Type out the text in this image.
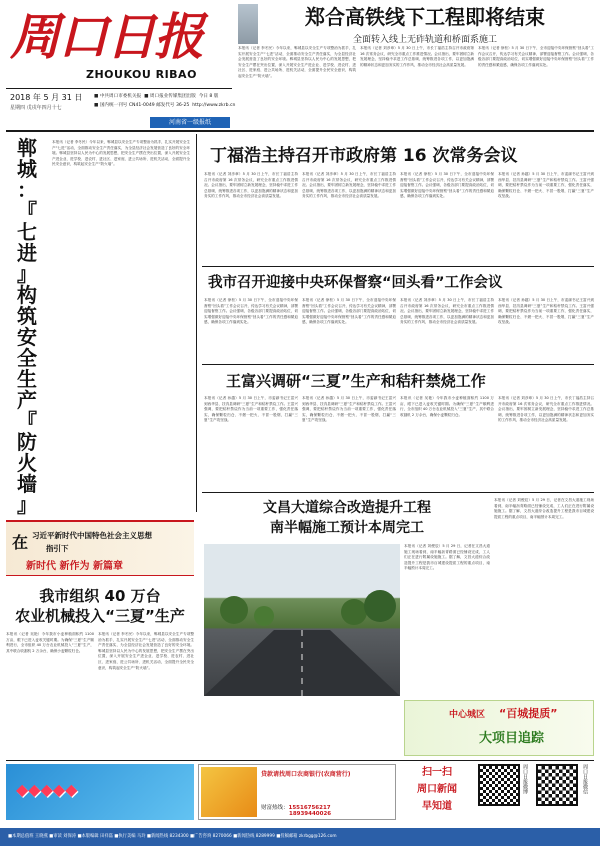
周口日报
ZHOUKOU RIBAO
2018 年 5 月 31 日
星期四 戊戌年四月十七
■ 中共周口市委机关报  ■ 周口报业传媒集团出版 今日 8 版
■ 国内统一刊号 CN41-0049 邮发代号 36-25 http://www.zkrb.cn
河南省一级报纸
郑合高铁线下工程即将结束
全面转入线上无砟轨道和桥面系施工
本报讯（记者 李冬民）今年以来，郸城县以安全生产专项整治为抓手，扎实开展安全生产“七进”活动，全面推动安全生产责任落实，为全县经济社会发展营造了良好的安全环境。郸城县坚持以人民为中心的发展思想，把安全生产摆在突出位置，深入开展安全生产进企业、进学校、进农村、进社区、进家庭、进公共场所、进机关活动，全面提升全民安全意识，构筑起安全生产“防火墙”。
本报讯（记者 刘彦章）5 月 30 日上午，市长丁福浩主持召开市政府第 16 次常务会议，研究全市重点工作推进情况。会议指出，要牢固树立新发展理念，坚持稳中求进工作总基调，统筹推进各项工作，以更加饱满的精神状态和更加务实的工作作风，推动全市经济社会高质量发展。
本报讯（记者 徐松）5 月 30 日下午，全市迎接中央环保督察“回头看”工作会议召开，传达学习有关会议精神，部署迎接督察工作。会议强调，各级各部门要提高政治站位，切实增强做好迎接中央环保督察“回头看”工作的责任感和紧迫感，确保各项工作落到实处。
郸
城
：
『
七
进
』
构
筑
安
全
生
产
『
防
火
墙
』
本报讯（记者 李冬民）今年以来，郸城县以安全生产专项整治为抓手，扎实开展安全生产“七进”活动，全面推动安全生产责任落实，为全县经济社会发展营造了良好的安全环境。郸城县坚持以人民为中心的发展思想，把安全生产摆在突出位置，深入开展安全生产进企业、进学校、进农村、进社区、进家庭、进公共场所、进机关活动，全面提升全民安全意识，构筑起安全生产“防火墙”。
在 习近平新时代中国特色社会主义思想
指引下
新时代 新作为 新篇章
我市组织 40 万台
农业机械投入“三夏”生产
本报讯（记者 吴艳）今年我市小麦种植面积约 1100 万亩，眼下已进入麦收关键时期。为确保“三夏”生产顺利进行，全市组织 40 万台农业机械投入“三夏”生产，其中联合收割机 2 万余台，确保小麦颗粒归仓。
本报讯（记者 李冬民）今年以来，郸城县以安全生产专项整治为抓手，扎实开展安全生产“七进”活动，全面推动安全生产责任落实，为全县经济社会发展营造了良好的安全环境。郸城县坚持以人民为中心的发展思想，把安全生产摆在突出位置，深入开展安全生产进企业、进学校、进农村、进社区、进家庭、进公共场所、进机关活动，全面提升全民安全意识，构筑起安全生产“防火墙”。
丁福浩主持召开市政府第 16 次常务会议
本报讯（记者 刘彦章）5 月 30 日上午，市长丁福浩主持召开市政府第 16 次常务会议，研究全市重点工作推进情况。会议指出，要牢固树立新发展理念，坚持稳中求进工作总基调，统筹推进各项工作，以更加饱满的精神状态和更加务实的工作作风，推动全市经济社会高质量发展。
本报讯（记者 刘彦章）5 月 30 日上午，市长丁福浩主持召开市政府第 16 次常务会议，研究全市重点工作推进情况。会议指出，要牢固树立新发展理念，坚持稳中求进工作总基调，统筹推进各项工作，以更加饱满的精神状态和更加务实的工作作风，推动全市经济社会高质量发展。
本报讯（记者 徐松）5 月 30 日下午，全市迎接中央环保督察“回头看”工作会议召开，传达学习有关会议精神，部署迎接督察工作。会议强调，各级各部门要提高政治站位，切实增强做好迎接中央环保督察“回头看”工作的责任感和紧迫感，确保各项工作落到实处。
本报讯（记者 孙越）5 月 30 日上午，市委副书记王富兴到西华县、扶沟县调研“三夏”生产和秸秆禁烧工作。王富兴强调，要把秸秆禁烧作为当前一项重要工作，强化责任落实，确保颗粒归仓、不燃一把火、不冒一股烟，打赢“三夏”生产攻坚战。
我市召开迎接中央环保督察“回头看”工作会议
本报讯（记者 徐松）5 月 30 日下午，全市迎接中央环保督察“回头看”工作会议召开，传达学习有关会议精神，部署迎接督察工作。会议强调，各级各部门要提高政治站位，切实增强做好迎接中央环保督察“回头看”工作的责任感和紧迫感，确保各项工作落到实处。
本报讯（记者 徐松）5 月 30 日下午，全市迎接中央环保督察“回头看”工作会议召开，传达学习有关会议精神，部署迎接督察工作。会议强调，各级各部门要提高政治站位，切实增强做好迎接中央环保督察“回头看”工作的责任感和紧迫感，确保各项工作落到实处。
本报讯（记者 刘彦章）5 月 30 日上午，市长丁福浩主持召开市政府第 16 次常务会议，研究全市重点工作推进情况。会议指出，要牢固树立新发展理念，坚持稳中求进工作总基调，统筹推进各项工作，以更加饱满的精神状态和更加务实的工作作风，推动全市经济社会高质量发展。
本报讯（记者 孙越）5 月 30 日上午，市委副书记王富兴到西华县、扶沟县调研“三夏”生产和秸秆禁烧工作。王富兴强调，要把秸秆禁烧作为当前一项重要工作，强化责任落实，确保颗粒归仓、不燃一把火、不冒一股烟，打赢“三夏”生产攻坚战。
王富兴调研“三夏”生产和秸秆禁烧工作
本报讯（记者 孙越）5 月 30 日上午，市委副书记王富兴到西华县、扶沟县调研“三夏”生产和秸秆禁烧工作。王富兴强调，要把秸秆禁烧作为当前一项重要工作，强化责任落实，确保颗粒归仓、不燃一把火、不冒一股烟，打赢“三夏”生产攻坚战。
本报讯（记者 孙越）5 月 30 日上午，市委副书记王富兴到西华县、扶沟县调研“三夏”生产和秸秆禁烧工作。王富兴强调，要把秸秆禁烧作为当前一项重要工作，强化责任落实，确保颗粒归仓、不燃一把火、不冒一股烟，打赢“三夏”生产攻坚战。
本报讯（记者 吴艳）今年我市小麦种植面积约 1100 万亩，眼下已进入麦收关键时期。为确保“三夏”生产顺利进行，全市组织 40 万台农业机械投入“三夏”生产，其中联合收割机 2 万余台，确保小麦颗粒归仓。
本报讯（记者 刘彦章）5 月 30 日上午，市长丁福浩主持召开市政府第 16 次常务会议，研究全市重点工作推进情况。会议指出，要牢固树立新发展理念，坚持稳中求进工作总基调，统筹推进各项工作，以更加饱满的精神状态和更加务实的工作作风，推动全市经济社会高质量发展。
文昌大道综合改造提升工程
南半幅施工预计本周完工
本报讯（记者 刘俊辰）5 月 29 日，记者在文昌大道施工现场看到，南半幅沥青路面已经铺设完成，工人们正在进行附属设施施工。据了解，文昌大道综合改造提升工程是我市百城建设提质工程的重点项目，南半幅预计本周完工。
本报讯（记者 刘俊辰）5 月 29 日，记者在文昌大道施工现场看到，南半幅沥青路面已经铺设完成，工人们正在进行附属设施施工。据了解，文昌大道综合改造提升工程是我市百城建设提质工程的重点项目，南半幅预计本周完工。
中心城区 “百城提质”
大项目追踪
◆◆◆◆◆
贷款请找周口农商银行(农商营行)
财富热线：15516756217
18939440026
扫一扫
周口新闻
早知道
周口日报微博	周口日报微信
■本期总值班 王晓燕 ■审读 刘保涛 ■本版编辑 田祥磊 ■执行美编 马玲 ■新闻热线 8234300 ■广告咨询 8270066 ■新闻热线 8289999 ■投稿邮箱 zkrbgg@126.com
